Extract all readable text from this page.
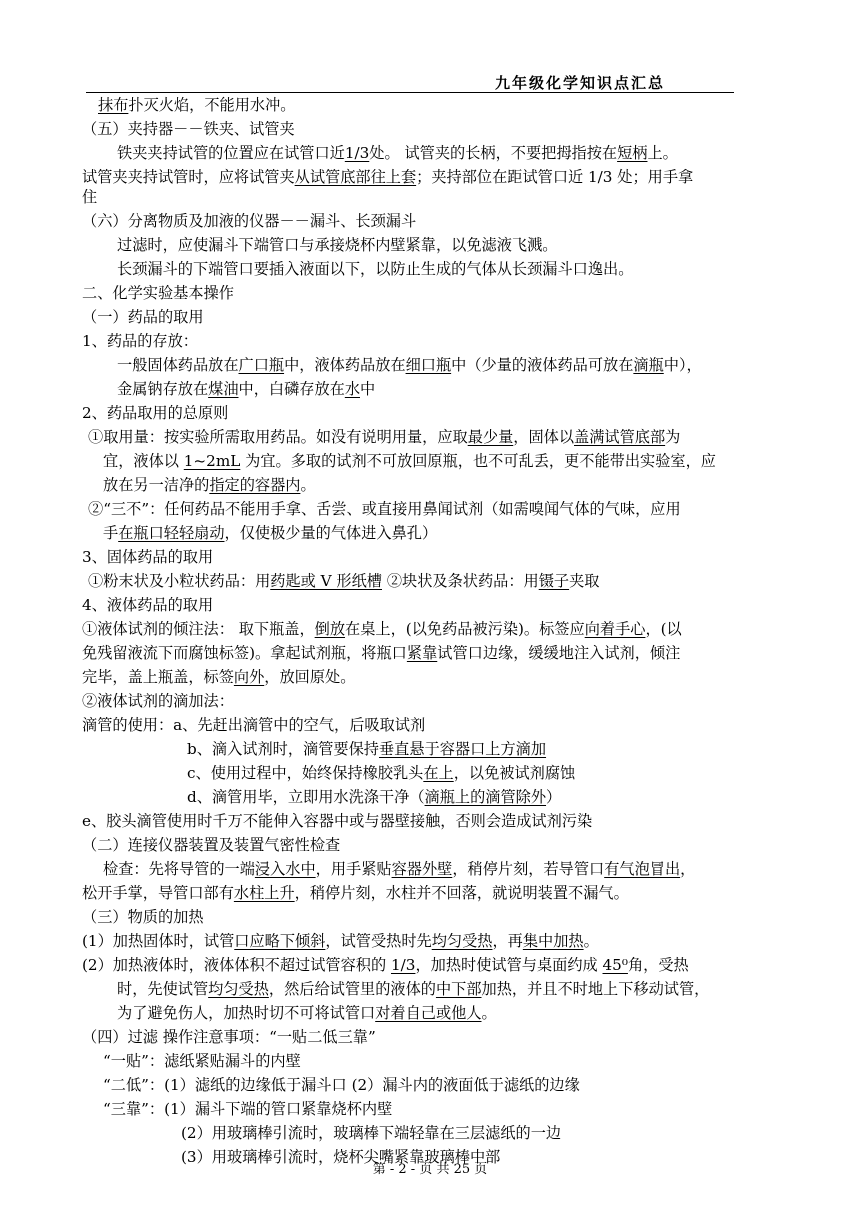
九年级化学知识点汇总
抹布扑灭火焰，不能用水冲。
（五）夹持器－－铁夹、试管夹
铁夹夹持试管的位置应在试管口近1/3处。 试管夹的长柄，不要把拇指按在短柄上。
试管夹夹持试管时，应将试管夹从试管底部往上套；夹持部位在距试管口近 1/3 处；用手拿
住
（六）分离物质及加液的仪器－－漏斗、长颈漏斗
过滤时，应使漏斗下端管口与承接烧杯内壁紧靠，以免滤液飞溅。
长颈漏斗的下端管口要插入液面以下，以防止生成的气体从长颈漏斗口逸出。
二、化学实验基本操作
（一）药品的取用
1、药品的存放：
一般固体药品放在广口瓶中，液体药品放在细口瓶中（少量的液体药品可放在滴瓶中），
金属钠存放在煤油中，白磷存放在水中
2、药品取用的总原则
①取用量：按实验所需取用药品。如没有说明用量，应取最少量，固体以盖满试管底部为
宜，液体以 1~2mL 为宜。多取的试剂不可放回原瓶，也不可乱丢，更不能带出实验室，应
放在另一洁净的指定的容器内。
②“三不”：任何药品不能用手拿、舌尝、或直接用鼻闻试剂（如需嗅闻气体的气味，应用
手在瓶口轻轻扇动，仅使极少量的气体进入鼻孔）
3、固体药品的取用
①粉末状及小粒状药品：用药匙或 V 形纸槽 ②块状及条状药品：用镊子夹取
4、液体药品的取用
①液体试剂的倾注法： 取下瓶盖，倒放在桌上，(以免药品被污染)。标签应向着手心，(以
免残留液流下而腐蚀标签)。拿起试剂瓶，将瓶口紧靠试管口边缘，缓缓地注入试剂，倾注
完毕，盖上瓶盖，标签向外，放回原处。
②液体试剂的滴加法：
滴管的使用：a、先赶出滴管中的空气，后吸取试剂
b、滴入试剂时，滴管要保持垂直悬于容器口上方滴加
c、使用过程中，始终保持橡胶乳头在上，以免被试剂腐蚀
d、滴管用毕，立即用水洗涤干净（滴瓶上的滴管除外）
e、胶头滴管使用时千万不能伸入容器中或与器壁接触，否则会造成试剂污染
（二）连接仪器装置及装置气密性检查
检查：先将导管的一端浸入水中，用手紧贴容器外壁，稍停片刻，若导管口有气泡冒出，
松开手掌，导管口部有水柱上升，稍停片刻，水柱并不回落，就说明装置不漏气。
（三）物质的加热
(1）加热固体时，试管口应略下倾斜，试管受热时先均匀受热，再集中加热。
(2）加热液体时，液体体积不超过试管容积的 1/3，加热时使试管与桌面约成 45⁰角，受热
时，先使试管均匀受热，然后给试管里的液体的中下部加热，并且不时地上下移动试管，
为了避免伤人，加热时切不可将试管口对着自己或他人。
（四）过滤 操作注意事项：“一贴二低三靠”
“一贴”：滤纸紧贴漏斗的内壁
“二低”：(1）滤纸的边缘低于漏斗口 (2）漏斗内的液面低于滤纸的边缘
“三靠”：(1）漏斗下端的管口紧靠烧杯内壁
(2）用玻璃棒引流时，玻璃棒下端轻靠在三层滤纸的一边
(3）用玻璃棒引流时，烧杯尖嘴紧靠玻璃棒中部
第 - 2 - 页 共 25 页
